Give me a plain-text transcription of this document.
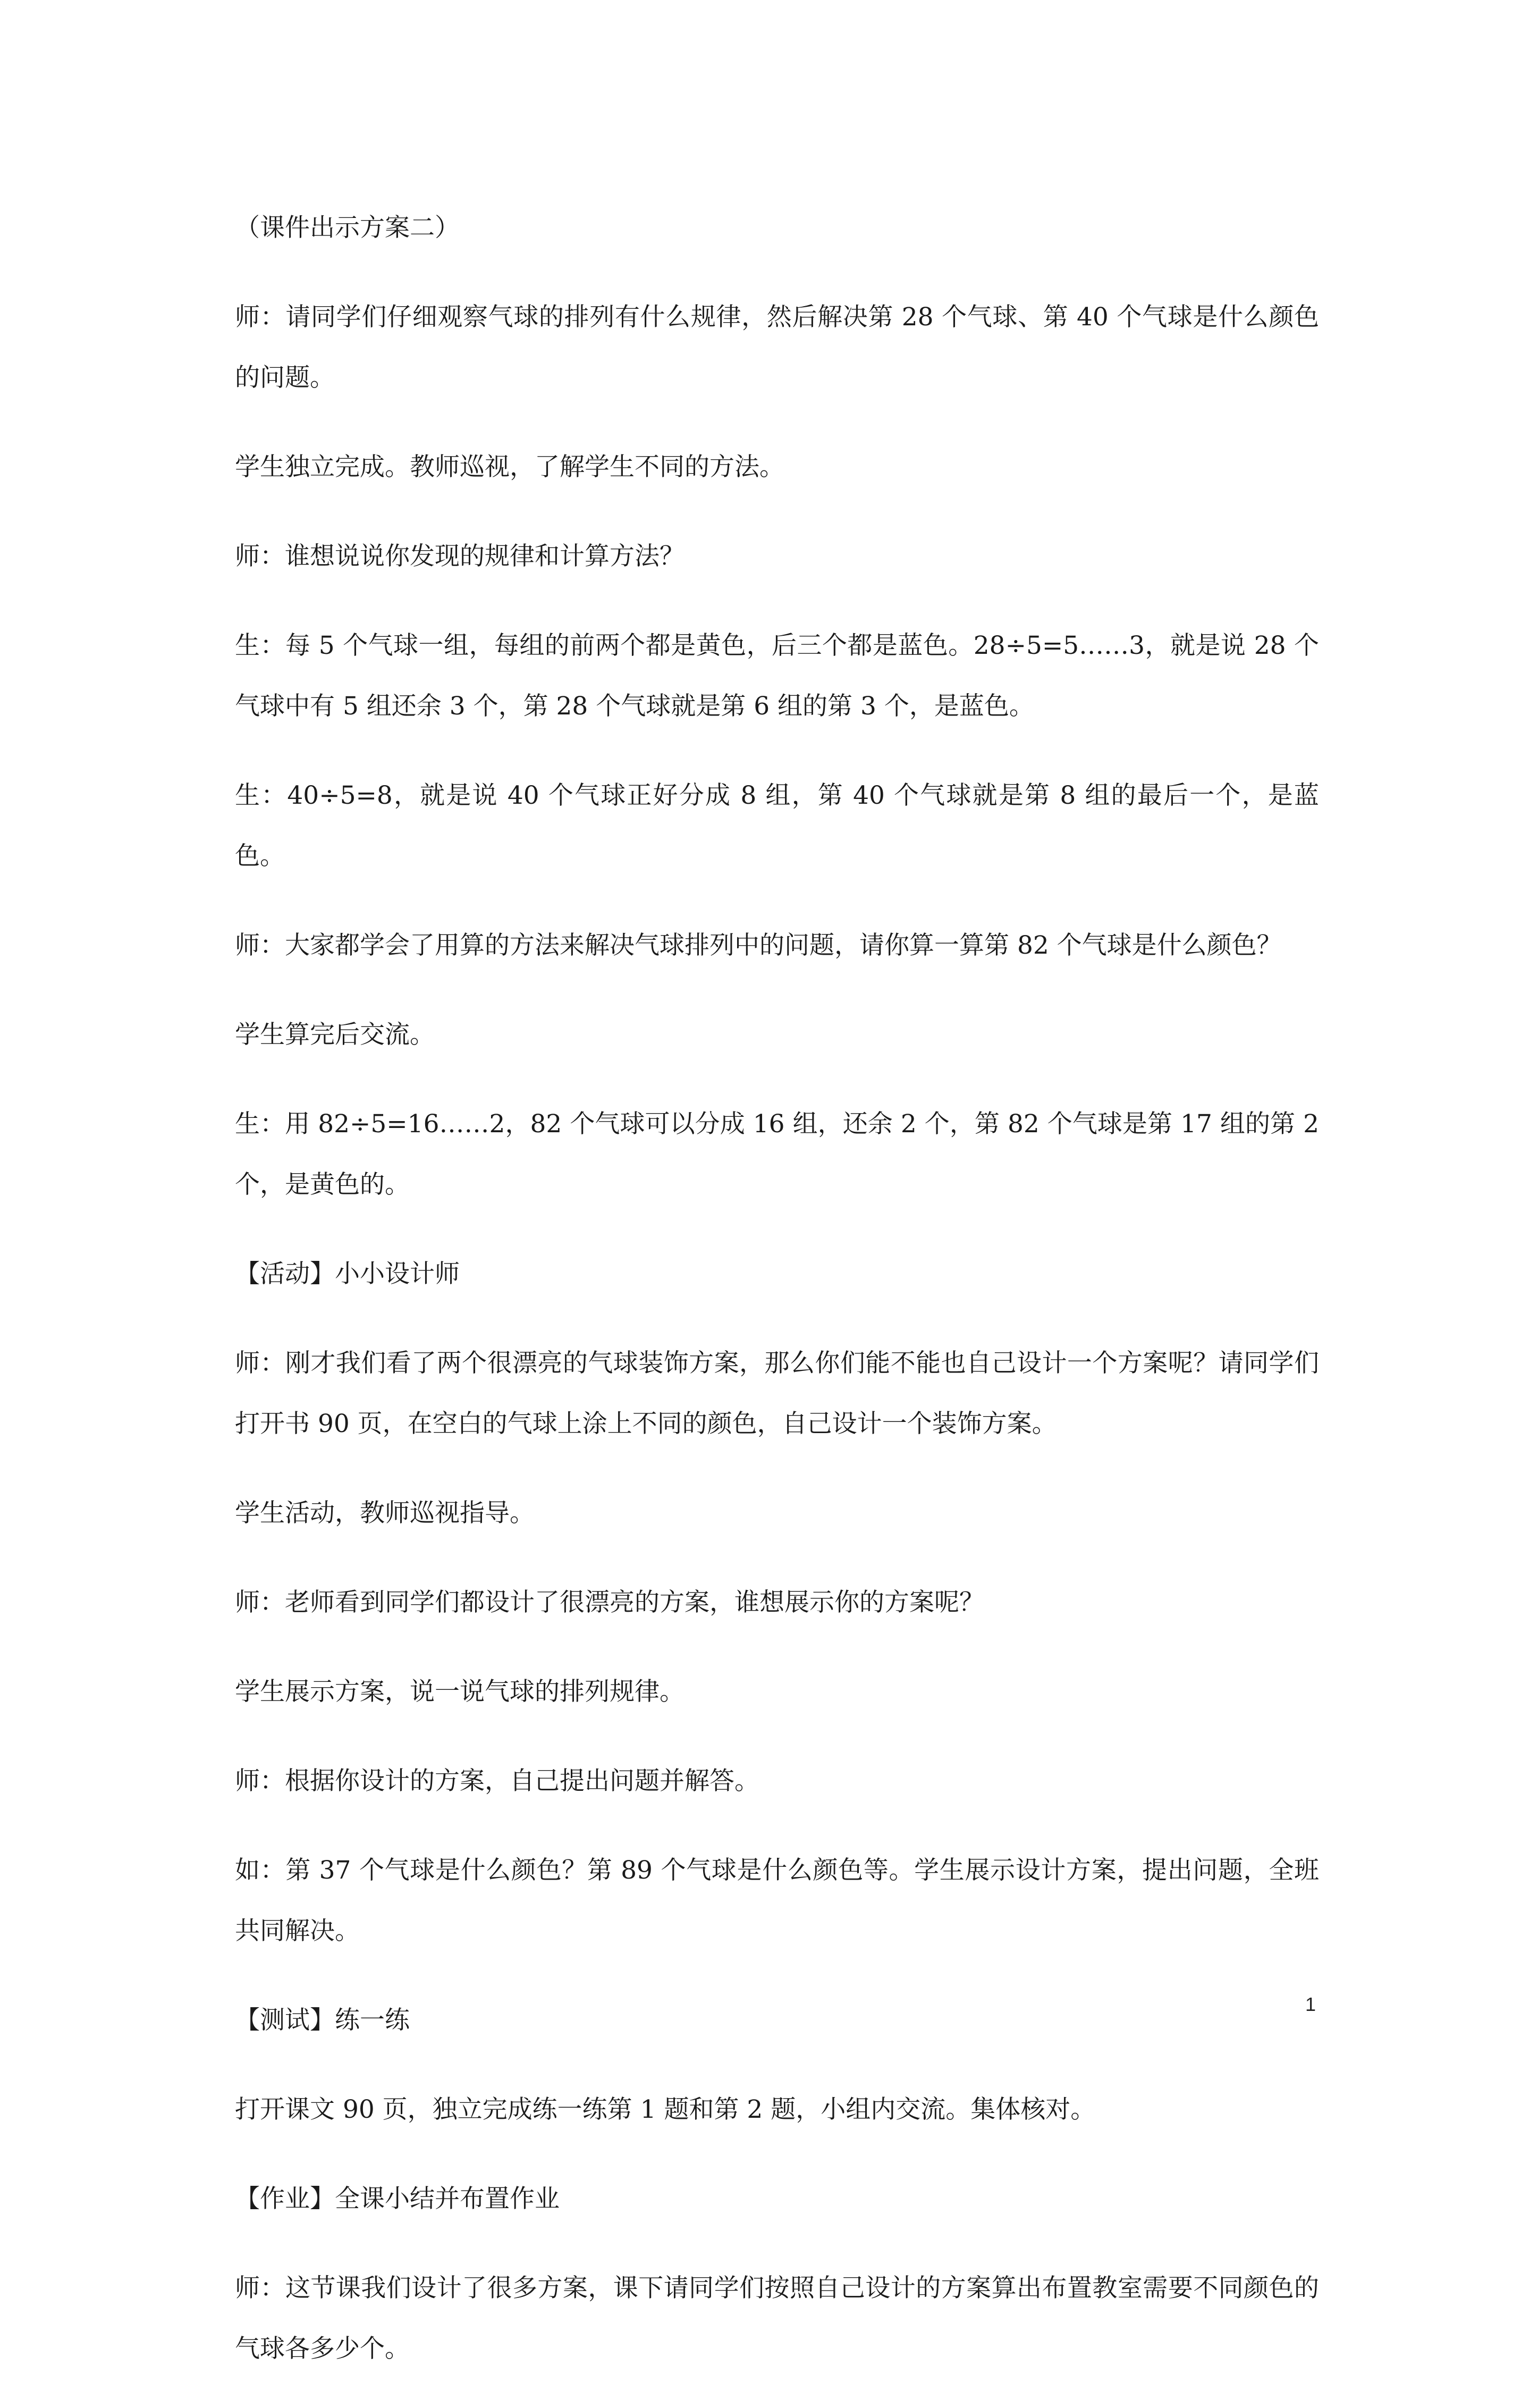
（课件出示方案二）

师：请同学们仔细观察气球的排列有什么规律，然后解决第 28 个气球、第 40 个气球是什么颜色的问题。

学生独立完成。教师巡视，了解学生不同的方法。

师：谁想说说你发现的规律和计算方法？

生：每 5 个气球一组，每组的前两个都是黄色，后三个都是蓝色。28÷5=5……3，就是说 28 个气球中有 5 组还余 3 个，第 28 个气球就是第 6 组的第 3 个，是蓝色。

生：40÷5=8，就是说 40 个气球正好分成 8 组，第 40 个气球就是第 8 组的最后一个，是蓝色。

师：大家都学会了用算的方法来解决气球排列中的问题，请你算一算第 82 个气球是什么颜色？

学生算完后交流。

生：用 82÷5=16……2，82 个气球可以分成 16 组，还余 2 个，第 82 个气球是第 17 组的第 2 个，是黄色的。

【活动】小小设计师

师：刚才我们看了两个很漂亮的气球装饰方案，那么你们能不能也自己设计一个方案呢？请同学们打开书 90 页，在空白的气球上涂上不同的颜色，自己设计一个装饰方案。

学生活动，教师巡视指导。

师：老师看到同学们都设计了很漂亮的方案，谁想展示你的方案呢？

学生展示方案，说一说气球的排列规律。

师：根据你设计的方案，自己提出问题并解答。

如：第 37 个气球是什么颜色？第 89 个气球是什么颜色等。学生展示设计方案，提出问题，全班共同解决。

【测试】练一练

打开课文 90 页，独立完成练一练第 1 题和第 2 题，小组内交流。集体核对。

【作业】全课小结并布置作业

师：这节课我们设计了很多方案，课下请同学们按照自己设计的方案算出布置教室需要不同颜色的气球各多少个。

1
